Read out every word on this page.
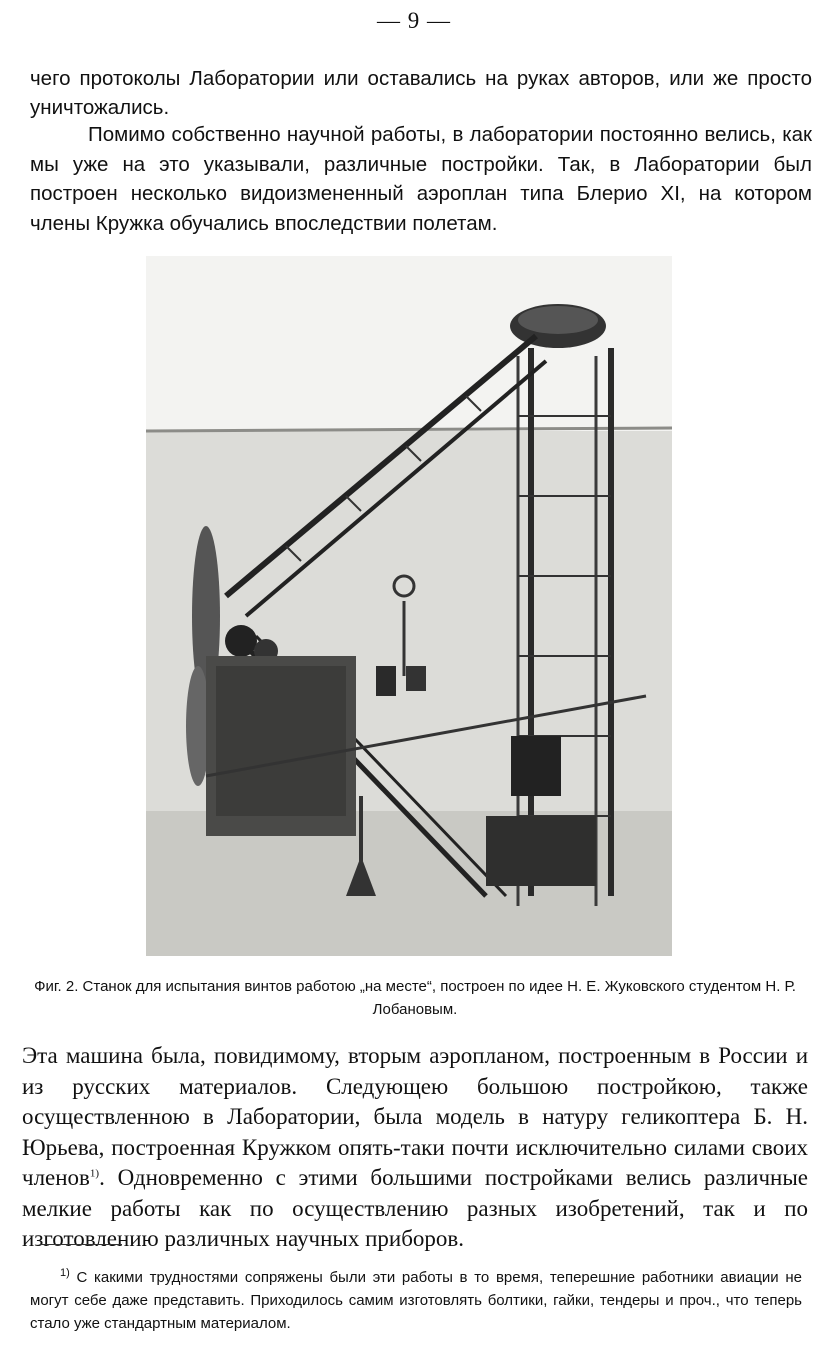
— 9 —

чего протоколы Лаборатории или оставались на руках авторов, или же просто уничтожались.

Помимо собственно научной работы, в лаборатории постоянно велись, как мы уже на это указывали, различные постройки. Так, в Лаборатории был построен несколько видоизмененный аэроплан типа Блерио XI, на котором члены Кружка обучались впоследствии полетам.

Фиг. 2. Станок для испытания винтов работою „на месте“, построен по идее Н. Е. Жуковского студентом Н. Р. Лобановым.

Эта машина была, повидимому, вторым аэропланом, построенным в России и из русских материалов. Следующею большою постройкою, также осуществленною в Лаборатории, была модель в натуру геликоптера Б. Н. Юрьева, построенная Кружком опять-таки почти исключительно силами своих членов$^{1)}$. Одновременно с этими большими постройками велись различные мелкие работы как по осуществлению разных изобретений, так и по изготовлению различных научных приборов.

$^{1)}$ С какими трудностями сопряжены были эти работы в то время, теперешние работники авиации не могут себе даже представить. Приходилось самим изготовлять болтики, гайки, тендеры и проч., что теперь стало уже стандартным материалом.
